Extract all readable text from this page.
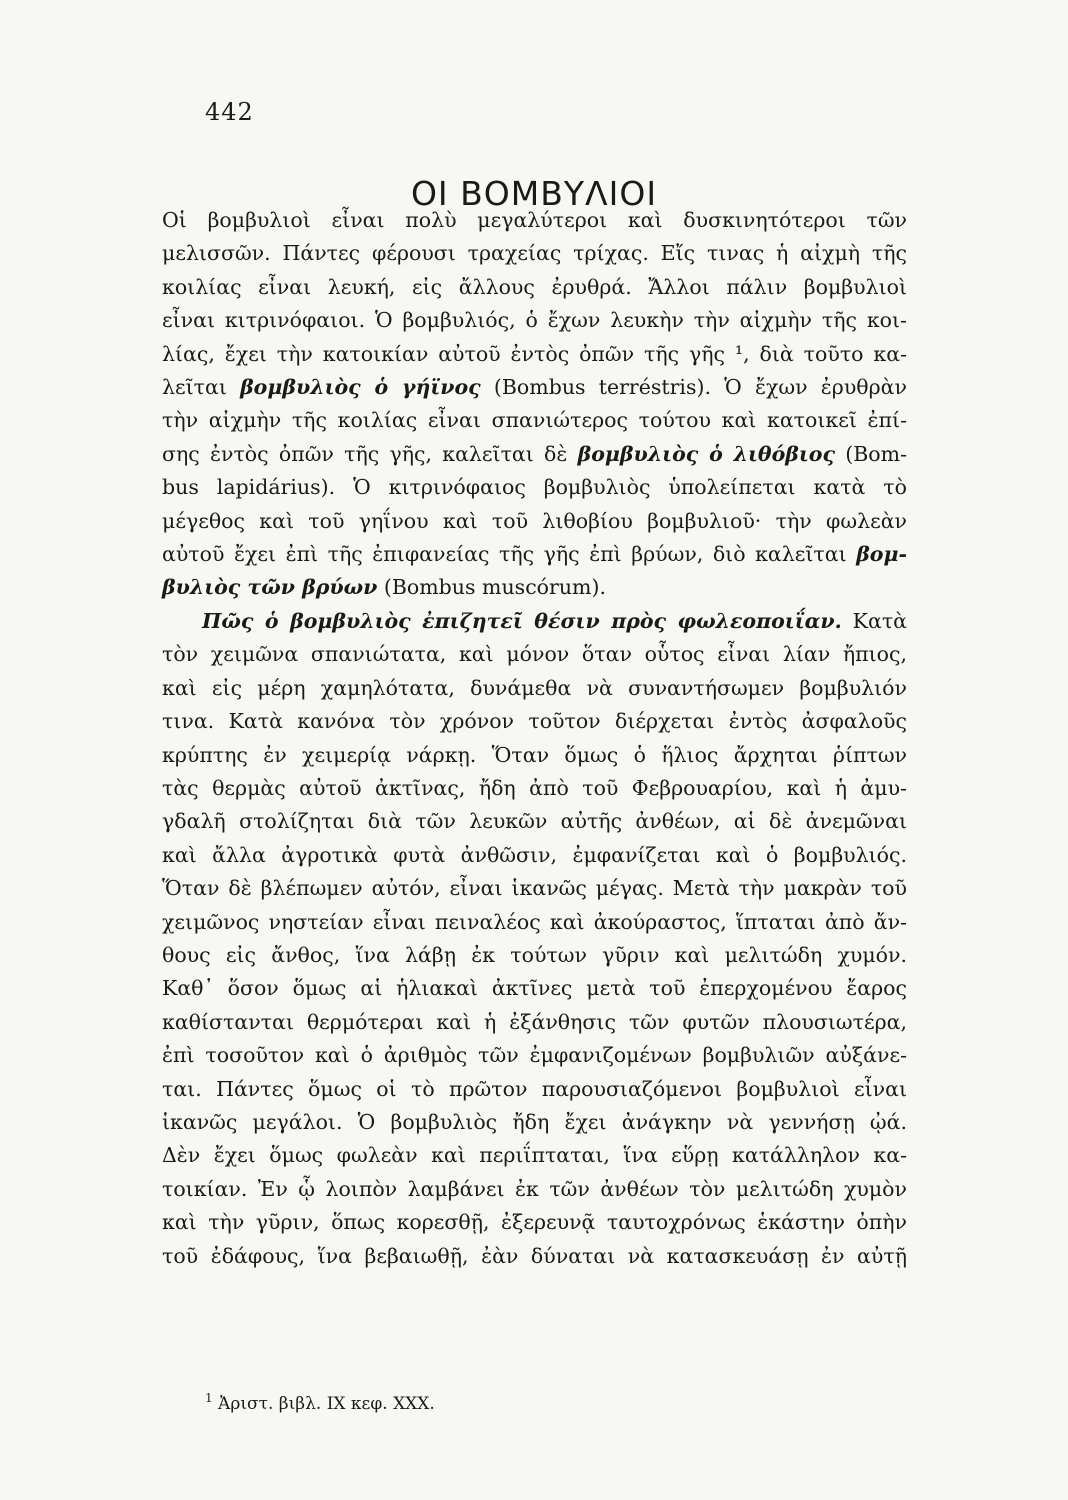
442
ΟΙ ΒΟΜΒΥΛΙΟΙ
Οἱ βομβυλιοὶ εἶναι πολὺ μεγαλύτεροι καὶ δυσκινητότεροι τῶν
μελισσῶν. Πάντες φέρουσι τραχείας τρίχας. Εἴς τινας ἡ αἰχμὴ τῆς
κοιλίας εἶναι λευκή, εἰς ἄλλους ἐρυθρά. Ἄλλοι πάλιν βομβυλιοὶ
εἶναι κιτρινόφαιοι. Ὁ βομβυλιός, ὁ ἔχων λευκὴν τὴν αἰχμὴν τῆς κοι-
λίας, ἔχει τὴν κατοικίαν αὐτοῦ ἐντὸς ὀπῶν τῆς γῆς ¹, διὰ τοῦτο κα-
λεῖται βομβυλιὸς ὁ γήϊνος (Bombus terréstris). Ὁ ἔχων ἐρυθρὰν
τὴν αἰχμὴν τῆς κοιλίας εἶναι σπανιώτερος τούτου καὶ κατοικεῖ ἐπί-
σης ἐντὸς ὀπῶν τῆς γῆς, καλεῖται δὲ βομβυλιὸς ὁ λιθόβιος (Bom-
bus lapidárius). Ὁ κιτρινόφαιος βομβυλιὸς ὑπολείπεται κατὰ τὸ
μέγεθος καὶ τοῦ γηΐνου καὶ τοῦ λιθοβίου βομβυλιοῦ· τὴν φωλεὰν
αὐτοῦ ἔχει ἐπὶ τῆς ἐπιφανείας τῆς γῆς ἐπὶ βρύων, διὸ καλεῖται βομ-
βυλιὸς τῶν βρύων (Bombus muscórum).
Πῶς ὁ βομβυλιὸς ἐπιζητεῖ θέσιν πρὸς φωλεοποιΐαν. Κατὰ
τὸν χειμῶνα σπανιώτατα, καὶ μόνον ὅταν οὗτος εἶναι λίαν ἤπιος,
καὶ εἰς μέρη χαμηλότατα, δυνάμεθα νὰ συναντήσωμεν βομβυλιόν
τινα. Κατὰ κανόνα τὸν χρόνον τοῦτον διέρχεται ἐντὸς ἀσφαλοῦς
κρύπτης ἐν χειμερίᾳ νάρκῃ. Ὅταν ὅμως ὁ ἥλιος ἄρχηται ῥίπτων
τὰς θερμὰς αὐτοῦ ἀκτῖνας, ἤδη ἀπὸ τοῦ Φεβρουαρίου, καὶ ἡ ἀμυ-
γδαλῆ στολίζηται διὰ τῶν λευκῶν αὐτῆς ἀνθέων, αἱ δὲ ἀνεμῶναι
καὶ ἄλλα ἀγροτικὰ φυτὰ ἀνθῶσιν, ἐμφανίζεται καὶ ὁ βομβυλιός.
Ὅταν δὲ βλέπωμεν αὐτόν, εἶναι ἱκανῶς μέγας. Μετὰ τὴν μακρὰν τοῦ
χειμῶνος νηστείαν εἶναι πειναλέος καὶ ἀκούραστος, ἵπταται ἀπὸ ἄν-
θους εἰς ἄνθος, ἵνα λάβῃ ἐκ τούτων γῦριν καὶ μελιτώδη χυμόν.
Καθ᾽ ὅσον ὅμως αἱ ἡλιακαὶ ἀκτῖνες μετὰ τοῦ ἐπερχομένου ἔαρος
καθίστανται θερμότεραι καὶ ἡ ἐξάνθησις τῶν φυτῶν πλουσιωτέρα,
ἐπὶ τοσοῦτον καὶ ὁ ἀριθμὸς τῶν ἐμφανιζομένων βομβυλιῶν αὐξάνε-
ται. Πάντες ὅμως οἱ τὸ πρῶτον παρουσιαζόμενοι βομβυλιοὶ εἶναι
ἱκανῶς μεγάλοι. Ὁ βομβυλιὸς ἤδη ἔχει ἀνάγκην νὰ γεννήσῃ ᾠά.
Δὲν ἔχει ὅμως φωλεὰν καὶ περιΐπταται, ἵνα εὕρῃ κατάλληλον κα-
τοικίαν. Ἐν ᾧ λοιπὸν λαμβάνει ἐκ τῶν ἀνθέων τὸν μελιτώδη χυμὸν
καὶ τὴν γῦριν, ὅπως κορεσθῇ, ἐξερευνᾷ ταυτοχρόνως ἑκάστην ὀπὴν
τοῦ ἐδάφους, ἵνα βεβαιωθῇ, ἐὰν δύναται νὰ κατασκευάσῃ ἐν αὐτῇ
$^1$ Ἀριστ. βιβλ. IX κεφ. XXX.
